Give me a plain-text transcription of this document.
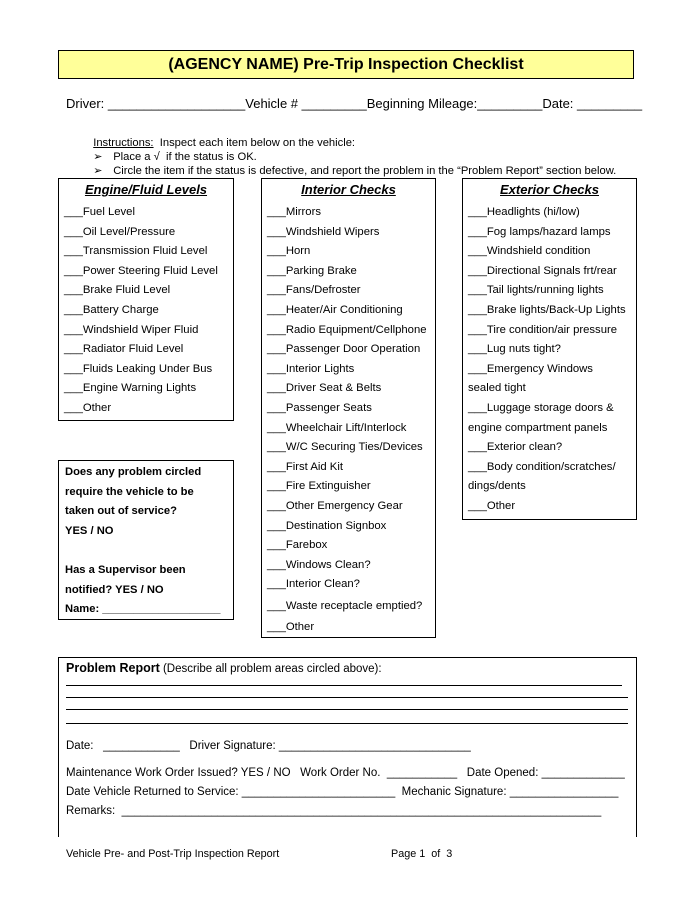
(AGENCY NAME) Pre-Trip Inspection Checklist
Driver: ___________________Vehicle # _________Beginning Mileage:_________Date: _________

Instructions:  Inspect each item below on the vehicle:

➢ Place a √  if the status is OK.

➢ Circle the item if the status is defective, and report the problem in the “Problem Report” section below.

Engine/Fluid Levels
___Fuel Level
___Oil Level/Pressure
___Transmission Fluid Level
___Power Steering Fluid Level
___Brake Fluid Level
___Battery Charge
___Windshield Wiper Fluid
___Radiator Fluid Level
___Fluids Leaking Under Bus
___Engine Warning Lights
___Other
Interior Checks
___Mirrors
___Windshield Wipers
___Horn
___Parking Brake
___Fans/Defroster
___Heater/Air Conditioning
___Radio Equipment/Cellphone
___Passenger Door Operation
___Interior Lights
___Driver Seat & Belts
___Passenger Seats
___Wheelchair Lift/Interlock
___W/C Securing Ties/Devices
___First Aid Kit
___Fire Extinguisher
___Other Emergency Gear
___Destination Signbox
___Farebox
___Windows Clean?
___Interior Clean?
___Waste receptacle emptied?
___Other
Exterior Checks
___Headlights (hi/low)
___Fog lamps/hazard lamps
___Windshield condition
___Directional Signals frt/rear
___Tail lights/running lights
___Brake lights/Back-Up Lights
___Tire condition/air pressure
___Lug nuts tight?
___Emergency Windows
sealed tight
___Luggage storage doors &
engine compartment panels
___Exterior clean?
___Body condition/scratches/
dings/dents
___Other
Does any problem circled
require the vehicle to be
taken out of service?
YES / NO
Has a Supervisor been
notified? YES / NO
Name: ___________________
Problem Report (Describe all problem areas circled above):
Date:   ____________   Driver Signature: ______________________________
Maintenance Work Order Issued? YES / NO   Work Order No.  ___________   Date Opened: _____________
Date Vehicle Returned to Service: ________________________  Mechanic Signature: _________________
Remarks:  ___________________________________________________________________________
Vehicle Pre- and Post-Trip Inspection Report	Page 1  of  3
